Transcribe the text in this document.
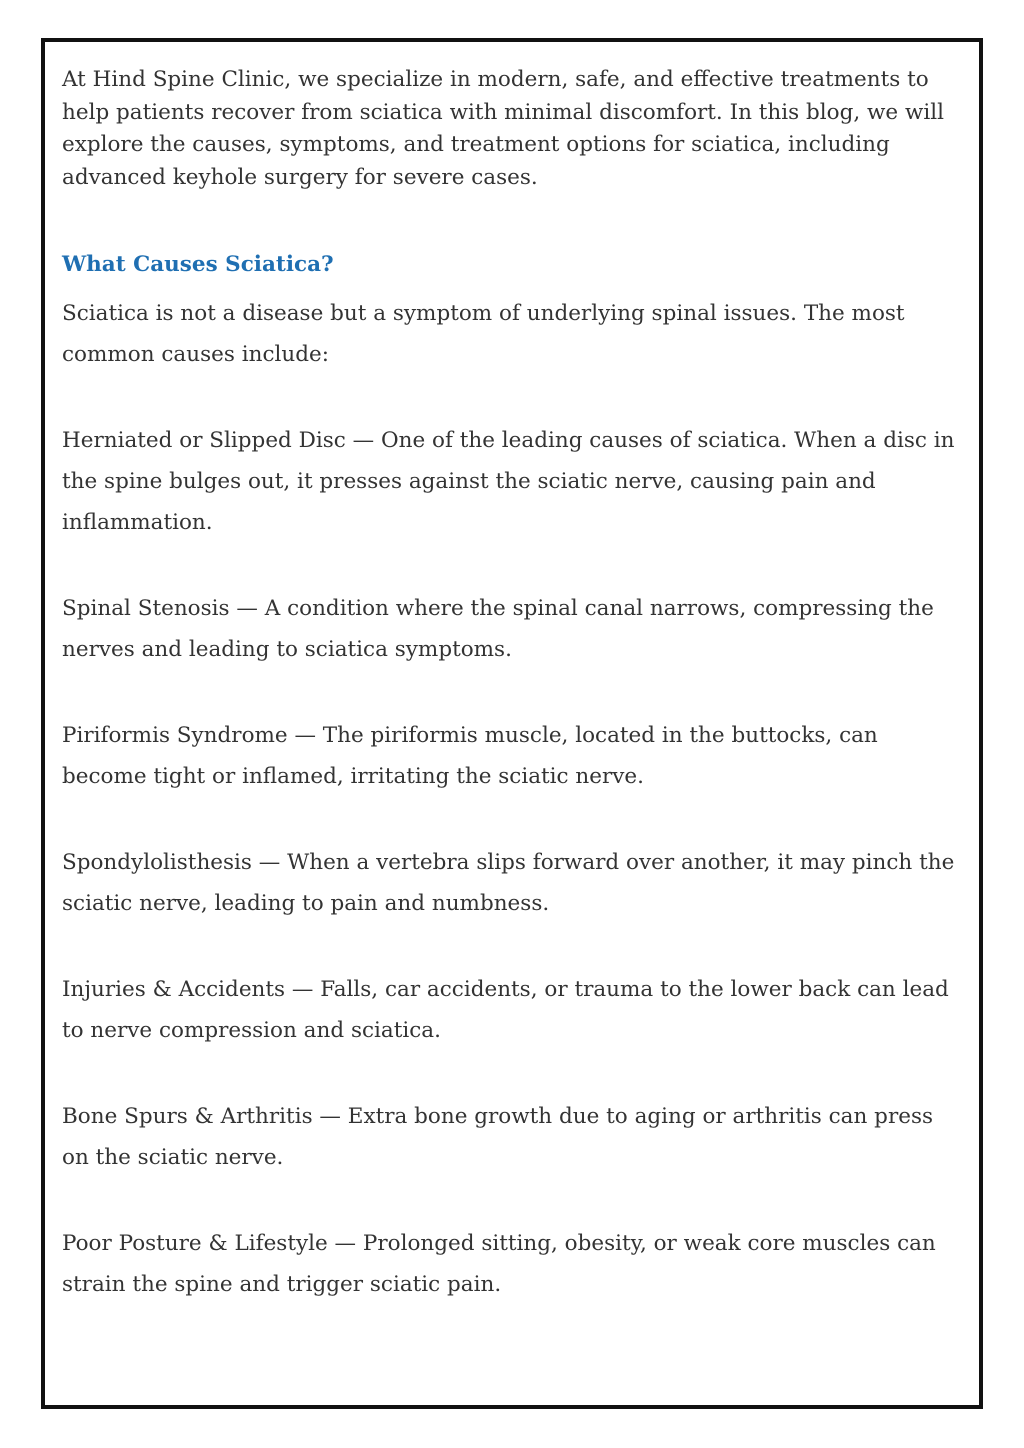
At Hind Spine Clinic, we specialize in modern, safe, and effective treatments to help patients recover from sciatica with minimal discomfort. In this blog, we will explore the causes, symptoms, and treatment options for sciatica, including advanced keyhole surgery for severe cases.

What Causes Sciatica?

Sciatica is not a disease but a symptom of underlying spinal issues. The most common causes include:

Herniated or Slipped Disc — One of the leading causes of sciatica. When a disc in the spine bulges out, it presses against the sciatic nerve, causing pain and inflammation.

Spinal Stenosis — A condition where the spinal canal narrows, compressing the nerves and leading to sciatica symptoms.

Piriformis Syndrome — The piriformis muscle, located in the buttocks, can become tight or inflamed, irritating the sciatic nerve.

Spondylolisthesis — When a vertebra slips forward over another, it may pinch the sciatic nerve, leading to pain and numbness.

Injuries & Accidents — Falls, car accidents, or trauma to the lower back can lead to nerve compression and sciatica.

Bone Spurs & Arthritis — Extra bone growth due to aging or arthritis can press on the sciatic nerve.

Poor Posture & Lifestyle — Prolonged sitting, obesity, or weak core muscles can strain the spine and trigger sciatic pain.
